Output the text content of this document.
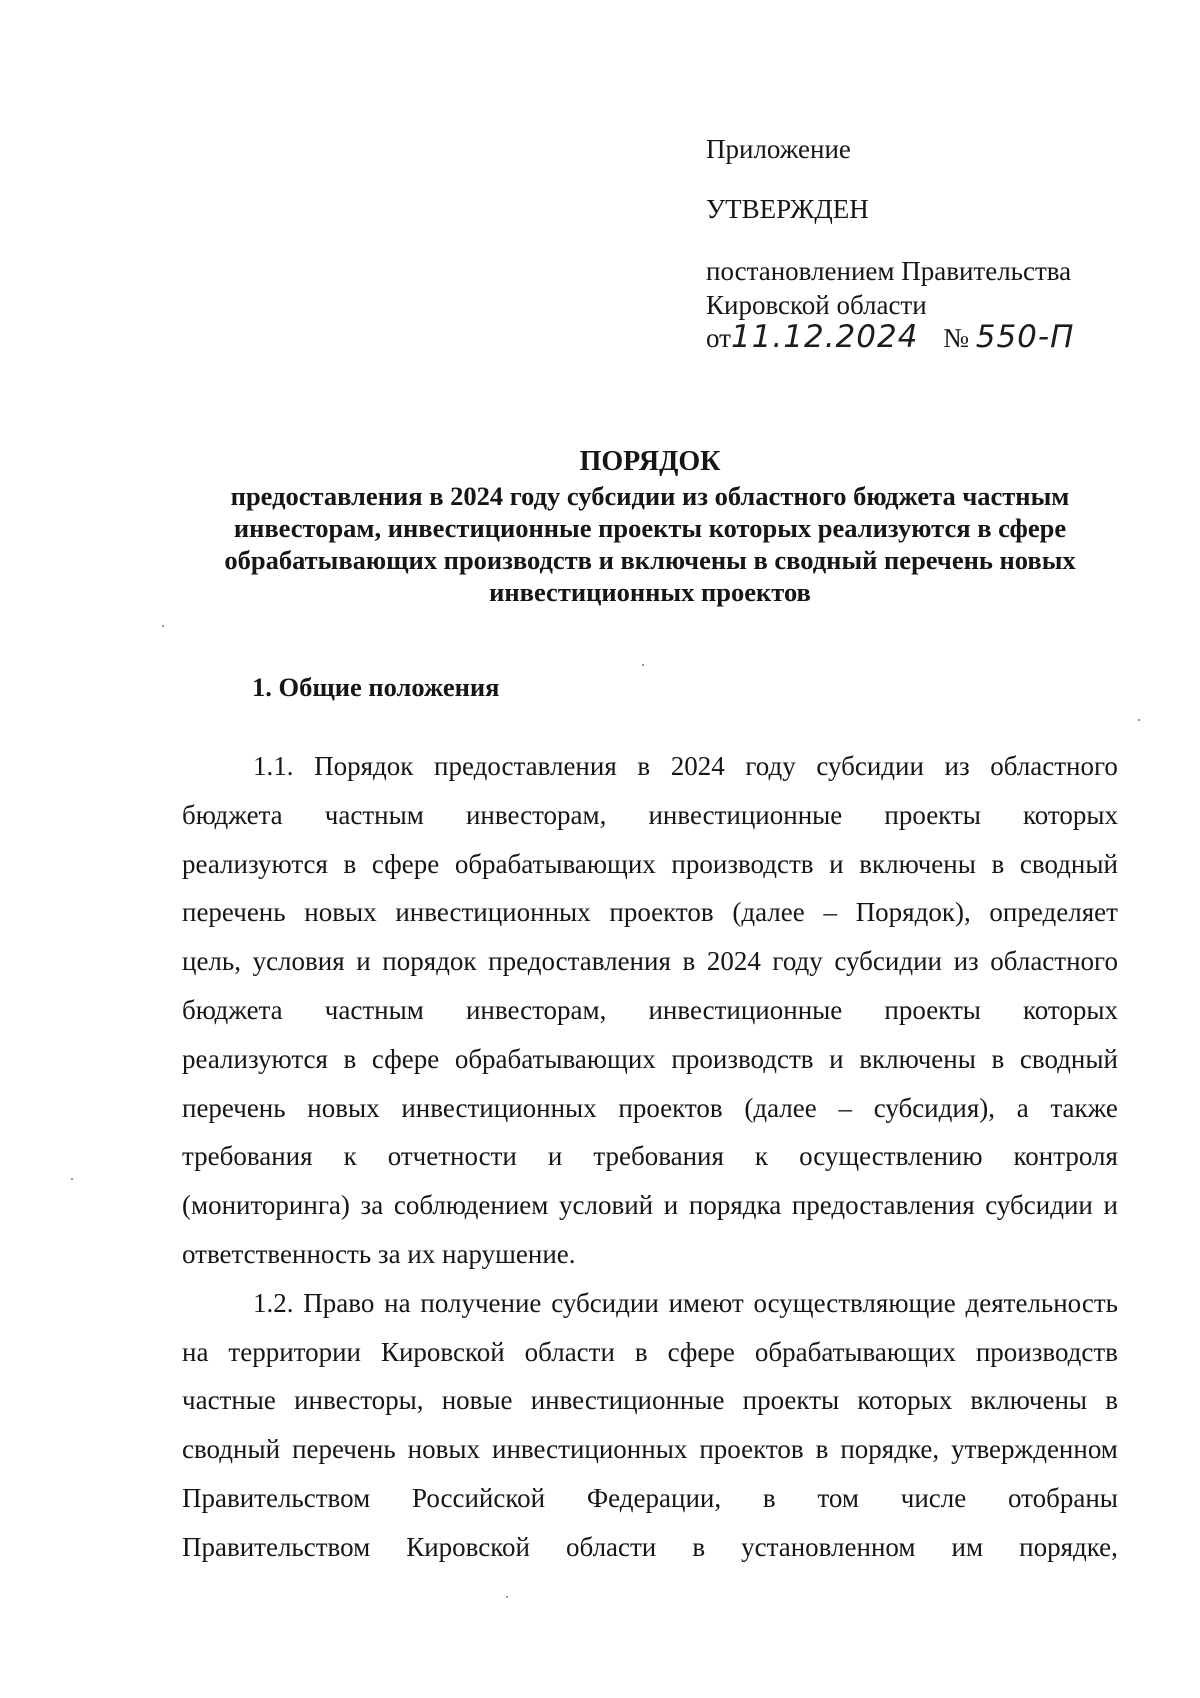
Приложение
УТВЕРЖДЕН
постановлением Правительства
Кировской области
от11.12.2024 № 550-П
ПОРЯДОК
предоставления в 2024 году субсидии из областного бюджета частным
инвесторам, инвестиционные проекты которых реализуются в сфере
обрабатывающих производств и включены в сводный перечень новых
инвестиционных проектов
1. Общие положения
1.1. Порядок предоставления в 2024 году субсидии из областного
бюджета частным инвесторам, инвестиционные проекты которых
реализуются в сфере обрабатывающих производств и включены в сводный
перечень новых инвестиционных проектов (далее – Порядок), определяет
цель, условия и порядок предоставления в 2024 году субсидии из областного
бюджета частным инвесторам, инвестиционные проекты которых
реализуются в сфере обрабатывающих производств и включены в сводный
перечень новых инвестиционных проектов (далее – субсидия), а также
требования к отчетности и требования к осуществлению контроля
(мониторинга) за соблюдением условий и порядка предоставления субсидии и
ответственность за их нарушение.
1.2. Право на получение субсидии имеют осуществляющие деятельность
на территории Кировской области в сфере обрабатывающих производств
частные инвесторы, новые инвестиционные проекты которых включены в
сводный перечень новых инвестиционных проектов в порядке, утвержденном
Правительством Российской Федерации, в том числе отобраны
Правительством Кировской области в установленном им порядке,
